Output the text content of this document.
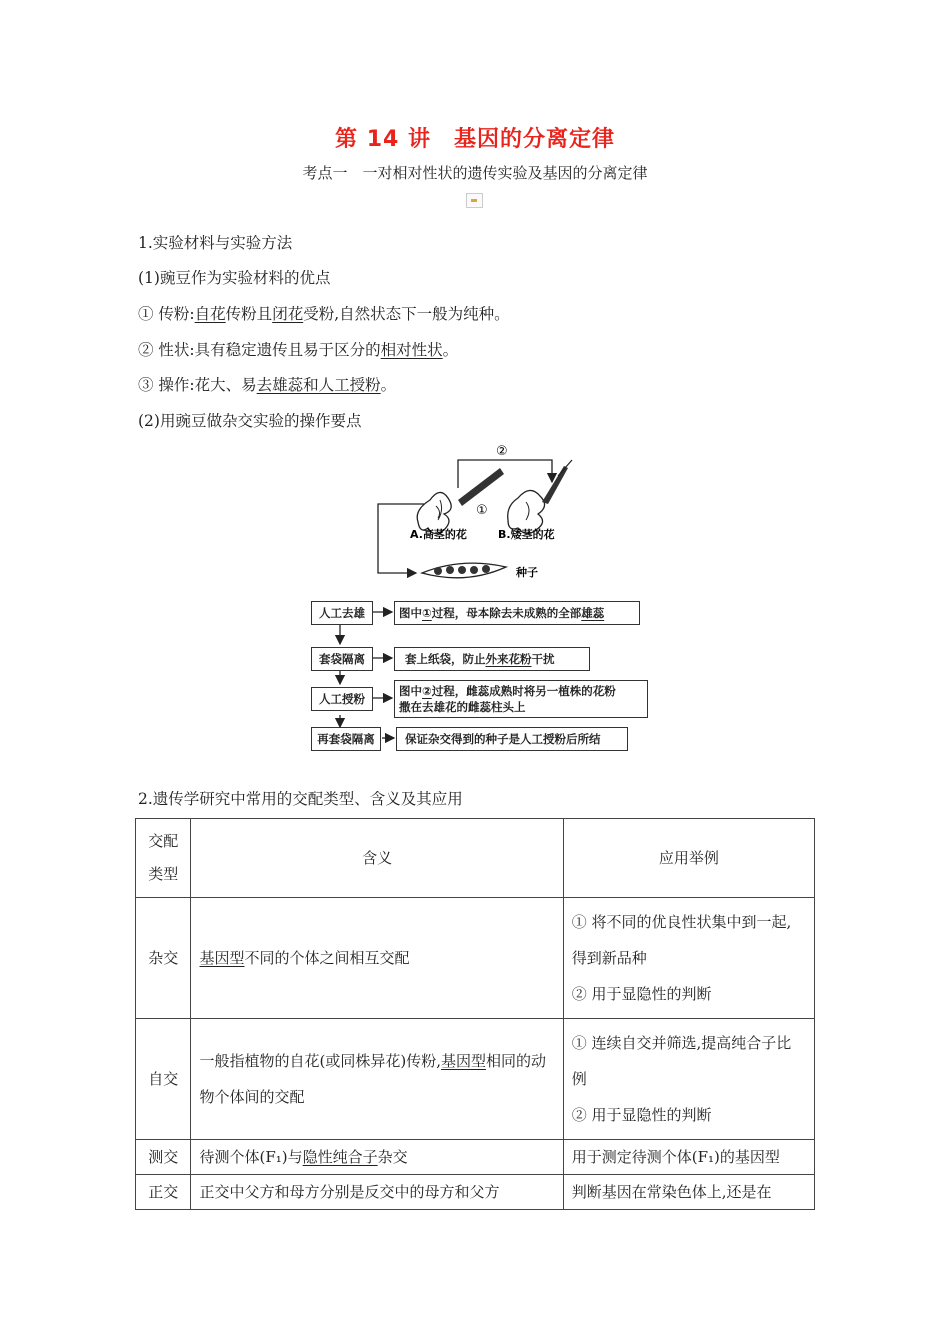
第 14 讲　基因的分离定律
考点一　一对相对性状的遗传实验及基因的分离定律
1.实验材料与实验方法
(1)豌豆作为实验材料的优点
① 传粉:自花传粉且闭花受粉,自然状态下一般为纯种。
② 性状:具有稳定遗传且易于区分的相对性状。
③ 操作:花大、易去雄蕊和人工授粉。
(2)用豌豆做杂交实验的操作要点
②
①
A.高茎的花	B.矮茎的花
种子
人工去雄	图中 ① 过程，母本除去未成熟的全部 雄蕊
套袋隔离	套上纸袋，防止 外来花粉 干扰
人工授粉
图中②过程，雌蕊成熟时将另一植株的花粉
撒在去雄花的雌蕊柱头上
再套袋隔离	保证杂交得到的种子是人工授粉后所结
2.遗传学研究中常用的交配类型、含义及其应用
交配类型	含义	应用举例
杂交	基因型不同的个体之间相互交配	① 将不同的优良性状集中到一起,得到新品种
② 用于显隐性的判断

自交	一般指植物的自花(或同株异花)传粉,基因型相同的动物个体间的交配	① 连续自交并筛选,提高纯合子比例
② 用于显隐性的判断

测交	待测个体(F₁)与隐性纯合子杂交	用于测定待测个体(F₁)的基因型
正交	正交中父方和母方分别是反交中的母方和父方	判断基因在常染色体上,还是在
